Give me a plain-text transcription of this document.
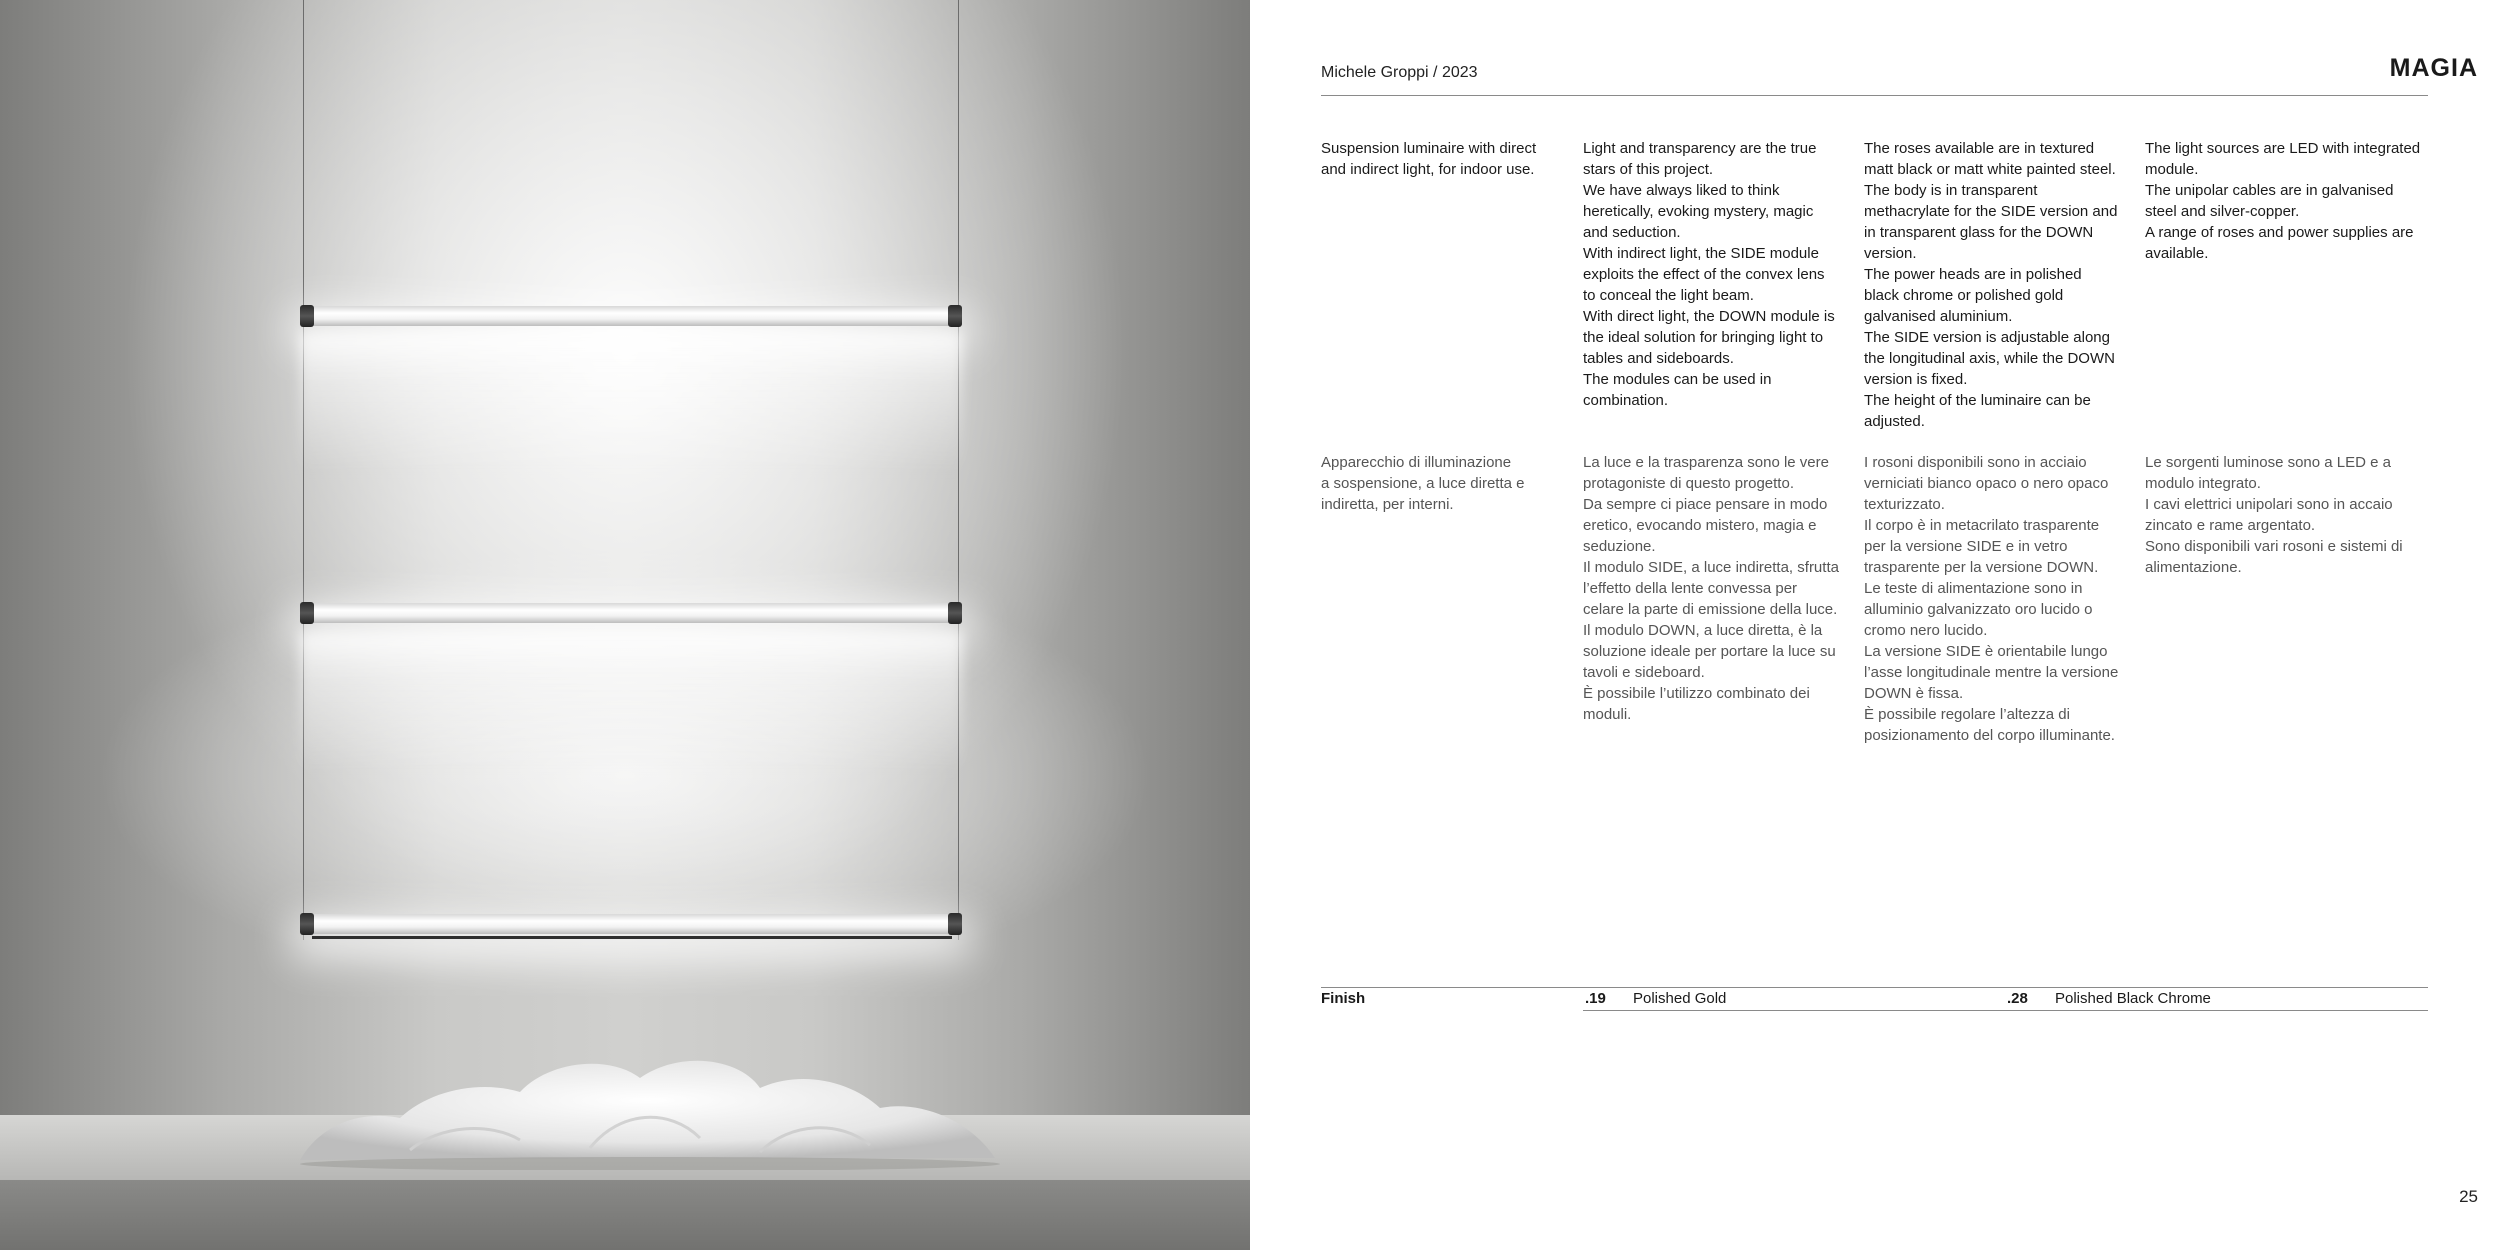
Michele Groppi / 2023	MAGIA
Suspension luminaire with direct
and indirect light, for indoor use.
Light and transparency are the true
stars of this project.
We have always liked to think
heretically, evoking mystery, magic
and seduction.
With indirect light, the SIDE module
exploits the effect of the convex lens
to conceal the light beam.
With direct light, the DOWN module is
the ideal solution for bringing light to
tables and sideboards.
The modules can be used in
combination.
The roses available are in textured
matt black or matt white painted steel.
The body is in transparent
methacrylate for the SIDE version and
in transparent glass for the DOWN
version.
The power heads are in polished
black chrome or polished gold
galvanised aluminium.
The SIDE version is adjustable along
the longitudinal axis, while the DOWN
version is fixed.
The height of the luminaire can be
adjusted.
The light sources are LED with integrated
module.
The unipolar cables are in galvanised
steel and silver-copper.
A range of roses and power supplies are
available.
Apparecchio di illuminazione
a sospensione, a luce diretta e
indiretta, per interni.
La luce e la trasparenza sono le vere
protagoniste di questo progetto.
Da sempre ci piace pensare in modo
eretico, evocando mistero, magia e
seduzione.
Il modulo SIDE, a luce indiretta, sfrutta
l’effetto della lente convessa per
celare la parte di emissione della luce.
Il modulo DOWN, a luce diretta, è la
soluzione ideale per portare la luce su
tavoli e sideboard.
È possibile l’utilizzo combinato dei
moduli.
I rosoni disponibili sono in acciaio
verniciati bianco opaco o nero opaco
texturizzato.
Il corpo è in metacrilato trasparente
per la versione SIDE e in vetro
trasparente per la versione DOWN.
Le teste di alimentazione sono in
alluminio galvanizzato oro lucido o
cromo nero lucido.
La versione SIDE è orientabile lungo
l’asse longitudinale mentre la versione
DOWN è fissa.
È possibile regolare l’altezza di
posizionamento del corpo illuminante.
Le sorgenti luminose sono a LED e a
modulo integrato.
I cavi elettrici unipolari sono in accaio
zincato e rame argentato.
Sono disponibili vari rosoni e sistemi di
alimentazione.
Finish	.19 Polished Gold	.28 Polished Black Chrome
25
